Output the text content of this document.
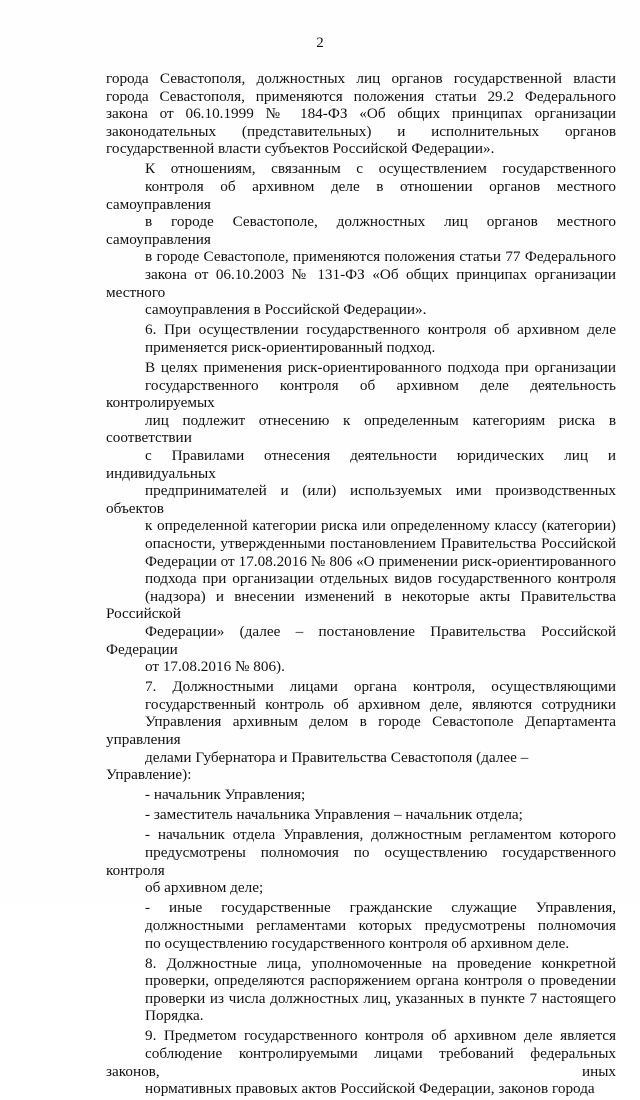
2
города Севастополя, должностных лиц органов государственной власти
города Севастополя, применяются положения статьи 29.2 Федерального
закона от 06.10.1999 № 184-ФЗ «Об общих принципах организации
законодательных (представительных) и исполнительных органов
государственной власти субъектов Российской Федерации».
К отношениям, связанным с осуществлением государственного
контроля об архивном деле в отношении органов местного самоуправления
в городе Севастополе, должностных лиц органов местного самоуправления
в городе Севастополе, применяются положения статьи 77 Федерального
закона от 06.10.2003 № 131-ФЗ «Об общих принципах организации местного
самоуправления в Российской Федерации».
6. При осуществлении государственного контроля об архивном деле
применяется риск-ориентированный подход.
В целях применения риск-ориентированного подхода при организации
государственного контроля об архивном деле деятельность контролируемых
лиц подлежит отнесению к определенным категориям риска в соответствии
с Правилами отнесения деятельности юридических лиц и индивидуальных
предпринимателей и (или) используемых ими производственных объектов
к определенной категории риска или определенному классу (категории)
опасности, утвержденными постановлением Правительства Российской
Федерации от 17.08.2016 № 806 «О применении риск-ориентированного
подхода при организации отдельных видов государственного контроля
(надзора) и внесении изменений в некоторые акты Правительства Российской
Федерации» (далее – постановление Правительства Российской Федерации
от 17.08.2016 № 806).
7. Должностными лицами органа контроля, осуществляющими
государственный контроль об архивном деле, являются сотрудники
Управления архивным делом в городе Севастополе Департамента управления
делами Губернатора и Правительства Севастополя (далее – Управление):
- начальник Управления;
- заместитель начальника Управления – начальник отдела;
- начальник отдела Управления, должностным регламентом которого
предусмотрены полномочия по осуществлению государственного контроля
об архивном деле;
- иные государственные гражданские служащие Управления,
должностными регламентами которых предусмотрены полномочия
по осуществлению государственного контроля об архивном деле.
8. Должностные лица, уполномоченные на проведение конкретной
проверки, определяются распоряжением органа контроля о проведении
проверки из числа должностных лиц, указанных в пункте 7 настоящего
Порядка.
9. Предметом государственного контроля об архивном деле является
соблюдение контролируемыми лицами требований федеральных законов, иных
нормативных правовых актов Российской Федерации, законов города
